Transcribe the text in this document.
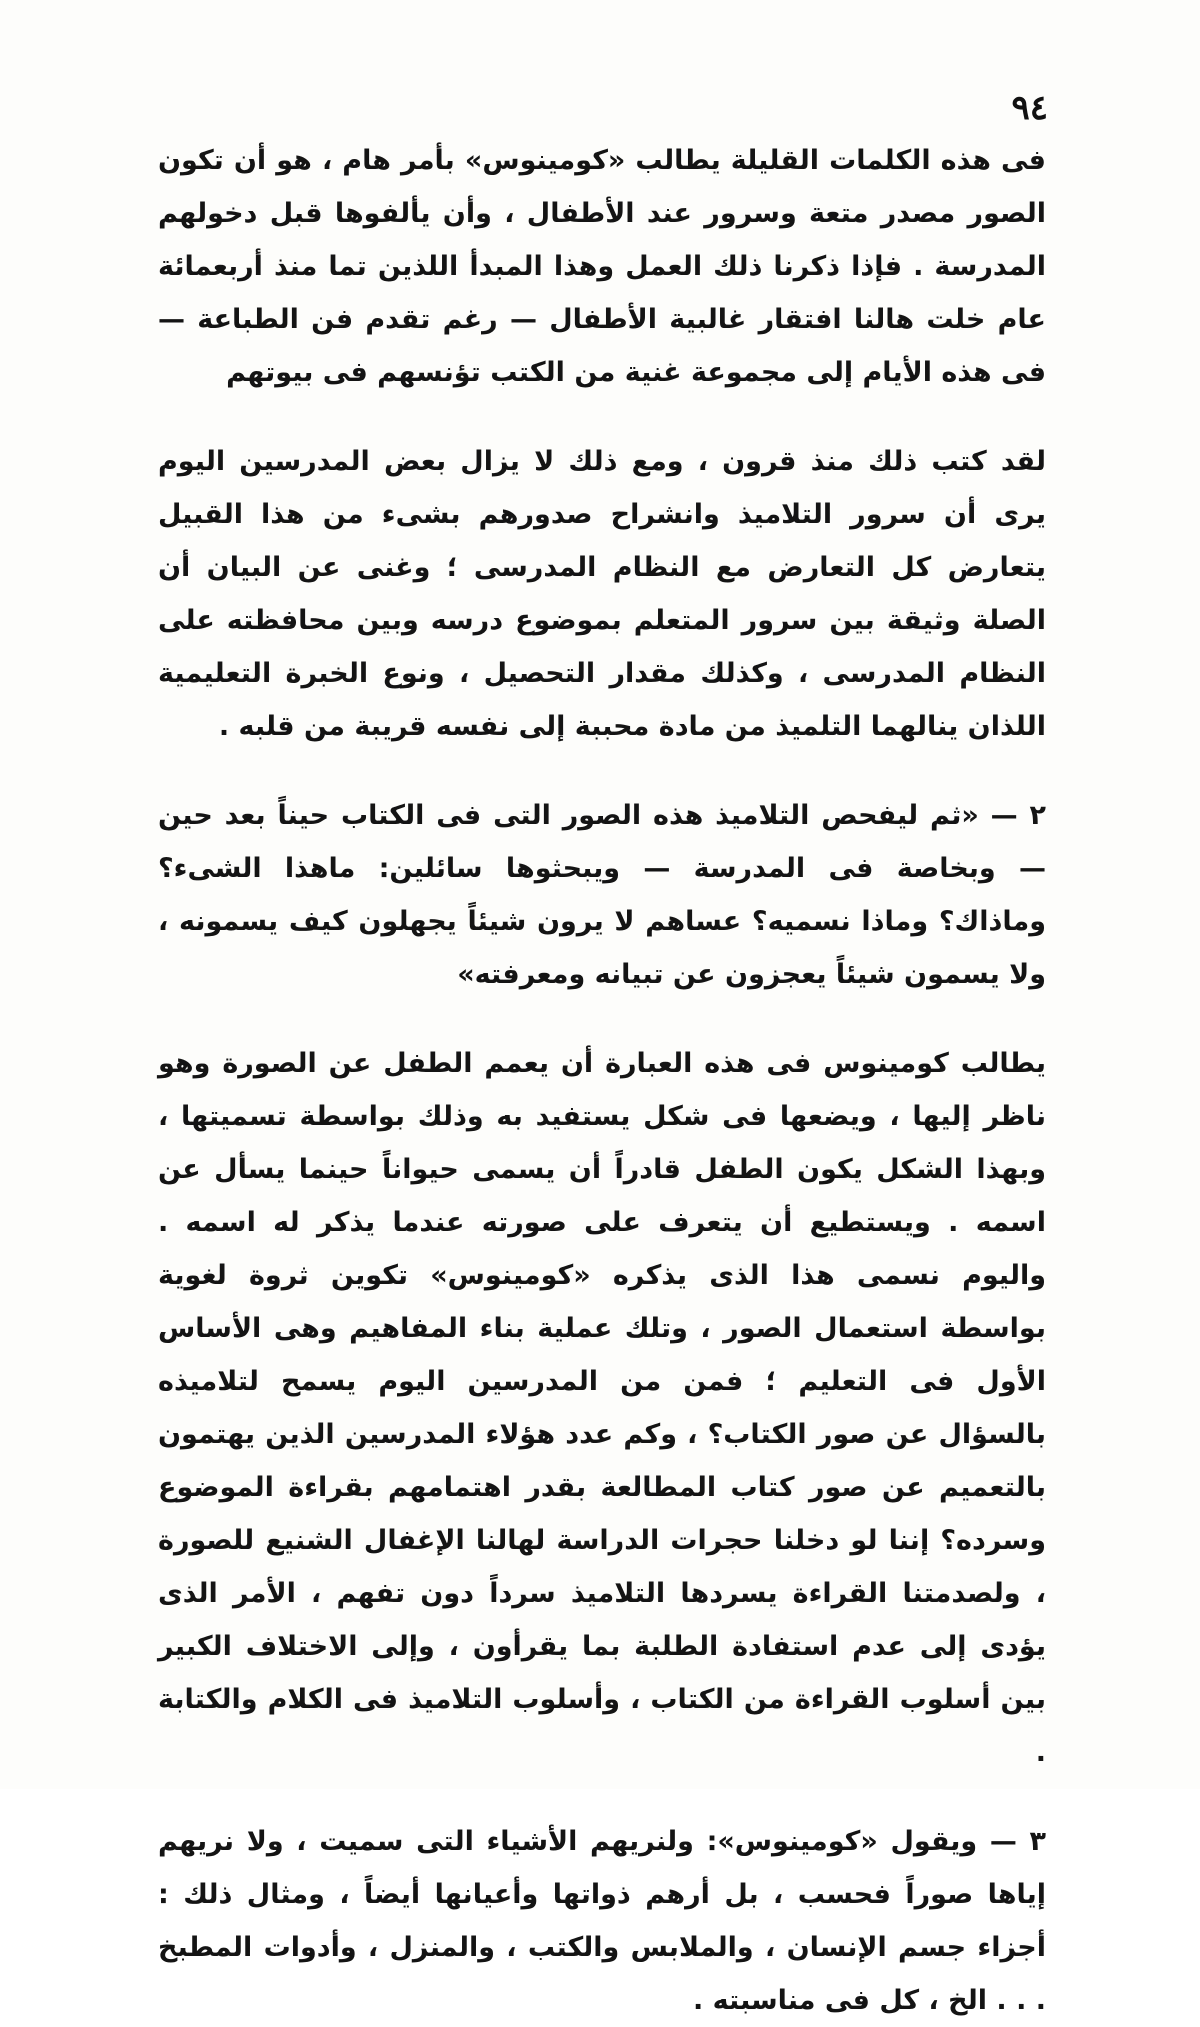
٩٤

فى هذه الكلمات القليلة يطالب «كومينوس» بأمر هام ، هو أن تكون الصور مصدر متعة وسرور عند الأطفال ، وأن يألفوها قبل دخولهم المدرسة . فإذا ذكرنا ذلك العمل وهذا المبدأ اللذين تما منذ أربعمائة عام خلت هالنا افتقار غالبية الأطفال — رغم تقدم فن الطباعة — فى هذه الأيام إلى مجموعة غنية من الكتب تؤنسهم فى بيوتهم

لقد كتب ذلك منذ قرون ، ومع ذلك لا يزال بعض المدرسين اليوم يرى أن سرور التلاميذ وانشراح صدورهم بشىء من هذا القبيل يتعارض كل التعارض مع النظام المدرسى ؛ وغنى عن البيان أن الصلة وثيقة بين سرور المتعلم بموضوع درسه وبين محافظته على النظام المدرسى ، وكذلك مقدار التحصيل ، ونوع الخبرة التعليمية اللذان ينالهما التلميذ من مادة محببة إلى نفسه قريبة من قلبه .

٢ — «ثم ليفحص التلاميذ هذه الصور التى فى الكتاب حيناً بعد حين — وبخاصة فى المدرسة — ويبحثوها سائلين: ماهذا الشىء؟ وماذاك؟ وماذا نسميه؟ عساهم لا يرون شيئاً يجهلون كيف يسمونه ، ولا يسمون شيئاً يعجزون عن تبيانه ومعرفته»

يطالب كومينوس فى هذه العبارة أن يعمم الطفل عن الصورة وهو ناظر إليها ، ويضعها فى شكل يستفيد به وذلك بواسطة تسميتها ، وبهذا الشكل يكون الطفل قادراً أن يسمى حيواناً حينما يسأل عن اسمه . ويستطيع أن يتعرف على صورته عندما يذكر له اسمه . واليوم نسمى هذا الذى يذكره «كومينوس» تكوين ثروة لغوية بواسطة استعمال الصور ، وتلك عملية بناء المفاهيم وهى الأساس الأول فى التعليم ؛ فمن من المدرسين اليوم يسمح لتلاميذه بالسؤال عن صور الكتاب؟ ، وكم عدد هؤلاء المدرسين الذين يهتمون بالتعميم عن صور كتاب المطالعة بقدر اهتمامهم بقراءة الموضوع وسرده؟ إننا لو دخلنا حجرات الدراسة لهالنا الإغفال الشنيع للصورة ، ولصدمتنا القراءة يسردها التلاميذ سرداً دون تفهم ، الأمر الذى يؤدى إلى عدم استفادة الطلبة بما يقرأون ، وإلى الاختلاف الكبير بين أسلوب القراءة من الكتاب ، وأسلوب التلاميذ فى الكلام والكتابة .

٣ — ويقول «كومينوس»: ولنريهم الأشياء التى سميت ، ولا نريهم إياها صوراً فحسب ، بل أرهم ذواتها وأعيانها أيضاً ، ومثال ذلك : أجزاء جسم الإنسان ، والملابس والكتب ، والمنزل ، وأدوات المطبخ . . . الخ ، كل فى مناسبته .
